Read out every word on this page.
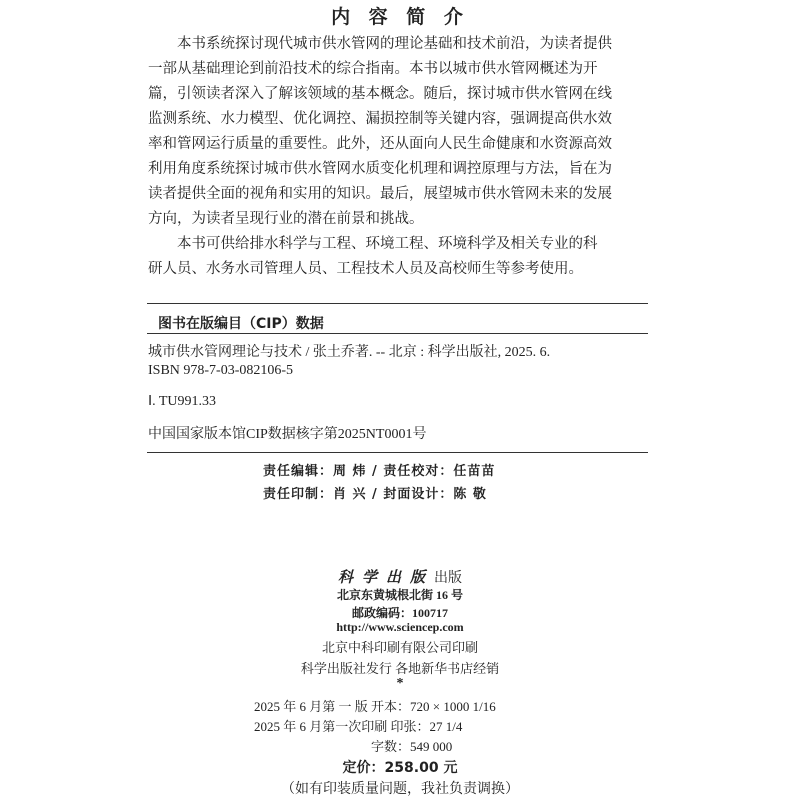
内 容 简 介
本书系统探讨现代城市供水管网的理论基础和技术前沿，为读者提供
一部从基础理论到前沿技术的综合指南。本书以城市供水管网概述为开
篇，引领读者深入了解该领域的基本概念。随后，探讨城市供水管网在线
监测系统、水力模型、优化调控、漏损控制等关键内容，强调提高供水效
率和管网运行质量的重要性。此外，还从面向人民生命健康和水资源高效
利用角度系统探讨城市供水管网水质变化机理和调控原理与方法，旨在为
读者提供全面的视角和实用的知识。最后，展望城市供水管网未来的发展
方向，为读者呈现行业的潜在前景和挑战。
本书可供给排水科学与工程、环境工程、环境科学及相关专业的科
研人员、水务水司管理人员、工程技术人员及高校师生等参考使用。
图书在版编目（CIP）数据
城市供水管网理论与技术 / 张土乔著. -- 北京 : 科学出版社, 2025. 6.
ISBN 978-7-03-082106-5
Ⅰ. TU991.33
中国国家版本馆CIP数据核字第2025NT0001号
责任编辑：周 炜 / 责任校对：任苗苗
责任印制：肖 兴 / 封面设计：陈 敬
科学出版出版
北京东黄城根北街 16 号
邮政编码：100717
http://www.sciencep.com
北京中科印刷有限公司印刷
科学出版社发行 各地新华书店经销
*
2025 年 6 月第 一 版 开本：720 × 1000 1/16
2025 年 6 月第一次印刷 印张：27 1/4
字数：549 000
定价：258.00 元
（如有印装质量问题，我社负责调换）
